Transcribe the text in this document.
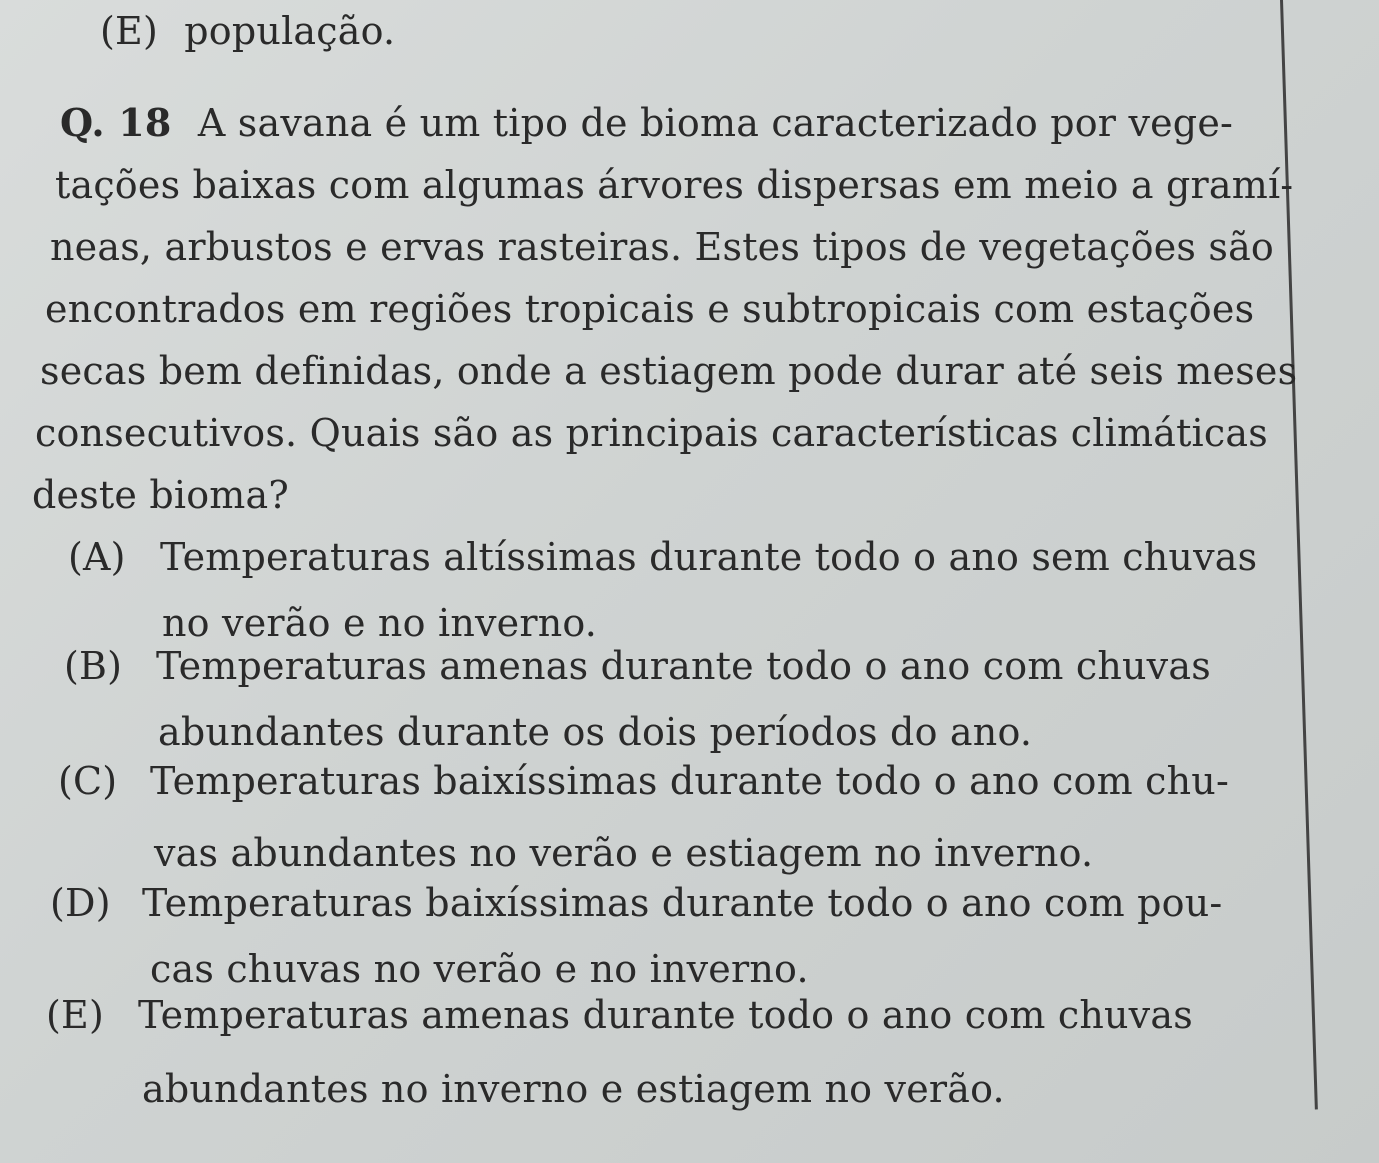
(E) população.
Q. 18 A savana é um tipo de bioma caracterizado por vege-
tações baixas com algumas árvores dispersas em meio a gramí-
neas, arbustos e ervas rasteiras. Estes tipos de vegetações são
encontrados em regiões tropicais e subtropicais com estações
secas bem definidas, onde a estiagem pode durar até seis meses
consecutivos. Quais são as principais características climáticas
deste bioma?
(A) Temperaturas altíssimas durante todo o ano sem chuvas
no verão e no inverno.
(B) Temperaturas amenas durante todo o ano com chuvas
abundantes durante os dois períodos do ano.
(C) Temperaturas baixíssimas durante todo o ano com chu-
vas abundantes no verão e estiagem no inverno.
(D) Temperaturas baixíssimas durante todo o ano com pou-
cas chuvas no verão e no inverno.
(E) Temperaturas amenas durante todo o ano com chuvas
abundantes no inverno e estiagem no verão.
